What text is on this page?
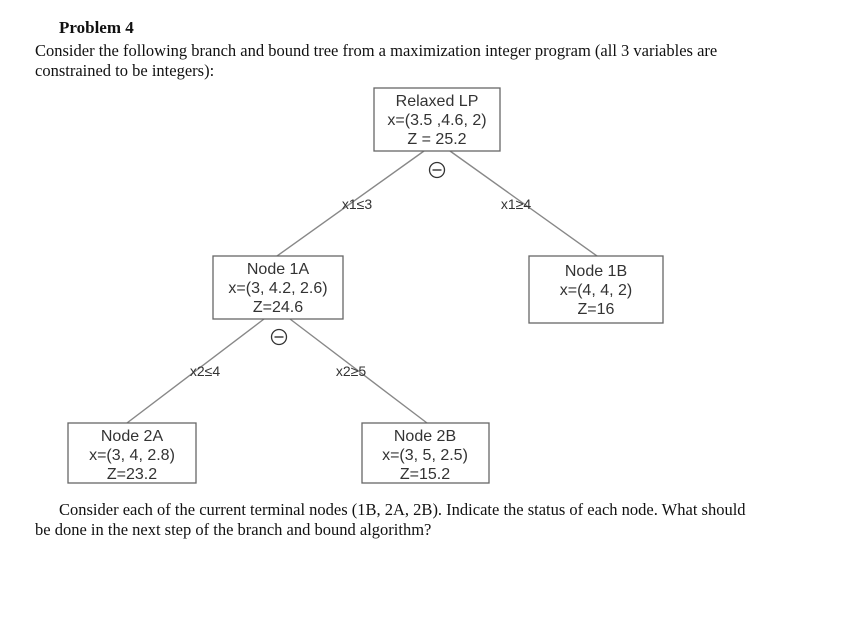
Problem 4
Consider the following branch and bound tree from a maximization integer program (all 3 variables are
constrained to be integers):
x1≤3	x1≥4
x2≤4	x2≥5
Relaxed LP
x=(3.5 ,4.6, 2)
Z = 25.2
Node 1A
x=(3, 4.2, 2.6)
Z=24.6
Node 1B
x=(4, 4, 2)
Z=16
Node 2A
x=(3, 4, 2.8)
Z=23.2
Node 2B
x=(3, 5, 2.5)
Z=15.2
Consider each of the current terminal nodes (1B, 2A, 2B). Indicate the status of each node. What should
be done in the next step of the branch and bound algorithm?
